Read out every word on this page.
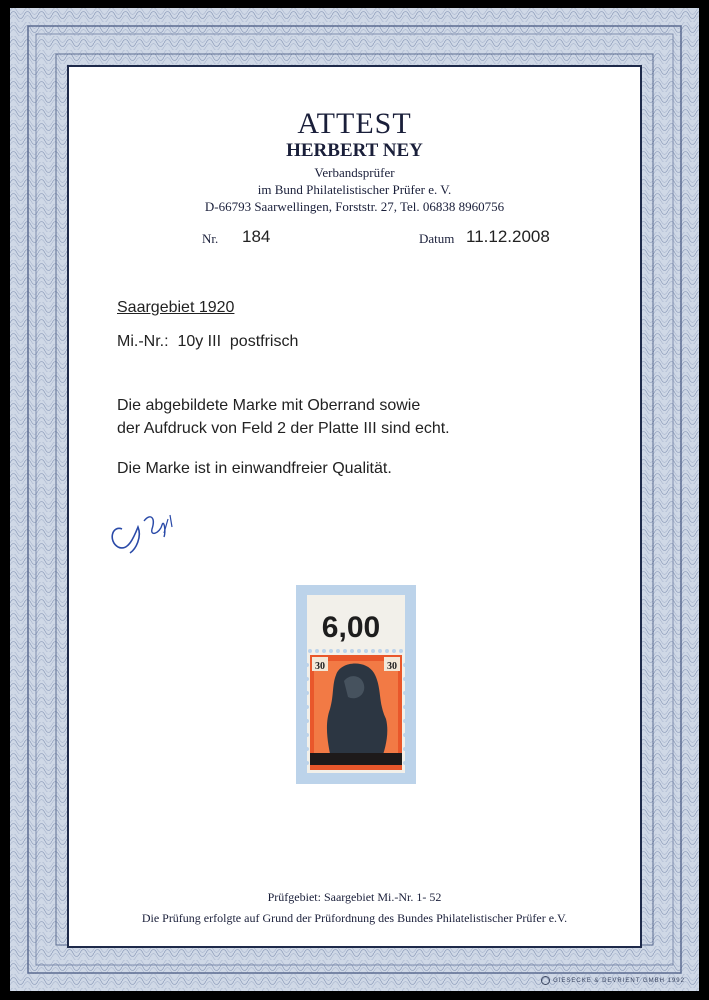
ATTEST
HERBERT NEY
Verbandsprüfer
im Bund Philatelistischer Prüfer e. V.
D-66793 Saarwellingen, Forststr. 27, Tel. 06838 8960756
Nr. 184	Datum 11.12.2008
Saargebiet 1920
Mi.-Nr.:  10y III  postfrisch
Die abgebildete Marke mit Oberrand sowie
der Aufdruck von Feld 2 der Platte III sind echt.
Die Marke ist in einwandfreier Qualität.
6,00
30	30
Prüfgebiet: Saargebiet Mi.-Nr. 1- 52
Die Prüfung erfolgte auf Grund der Prüfordnung des Bundes Philatelistischer Prüfer e.V.
GIESECKE & DEVRIENT GMBH 1992
